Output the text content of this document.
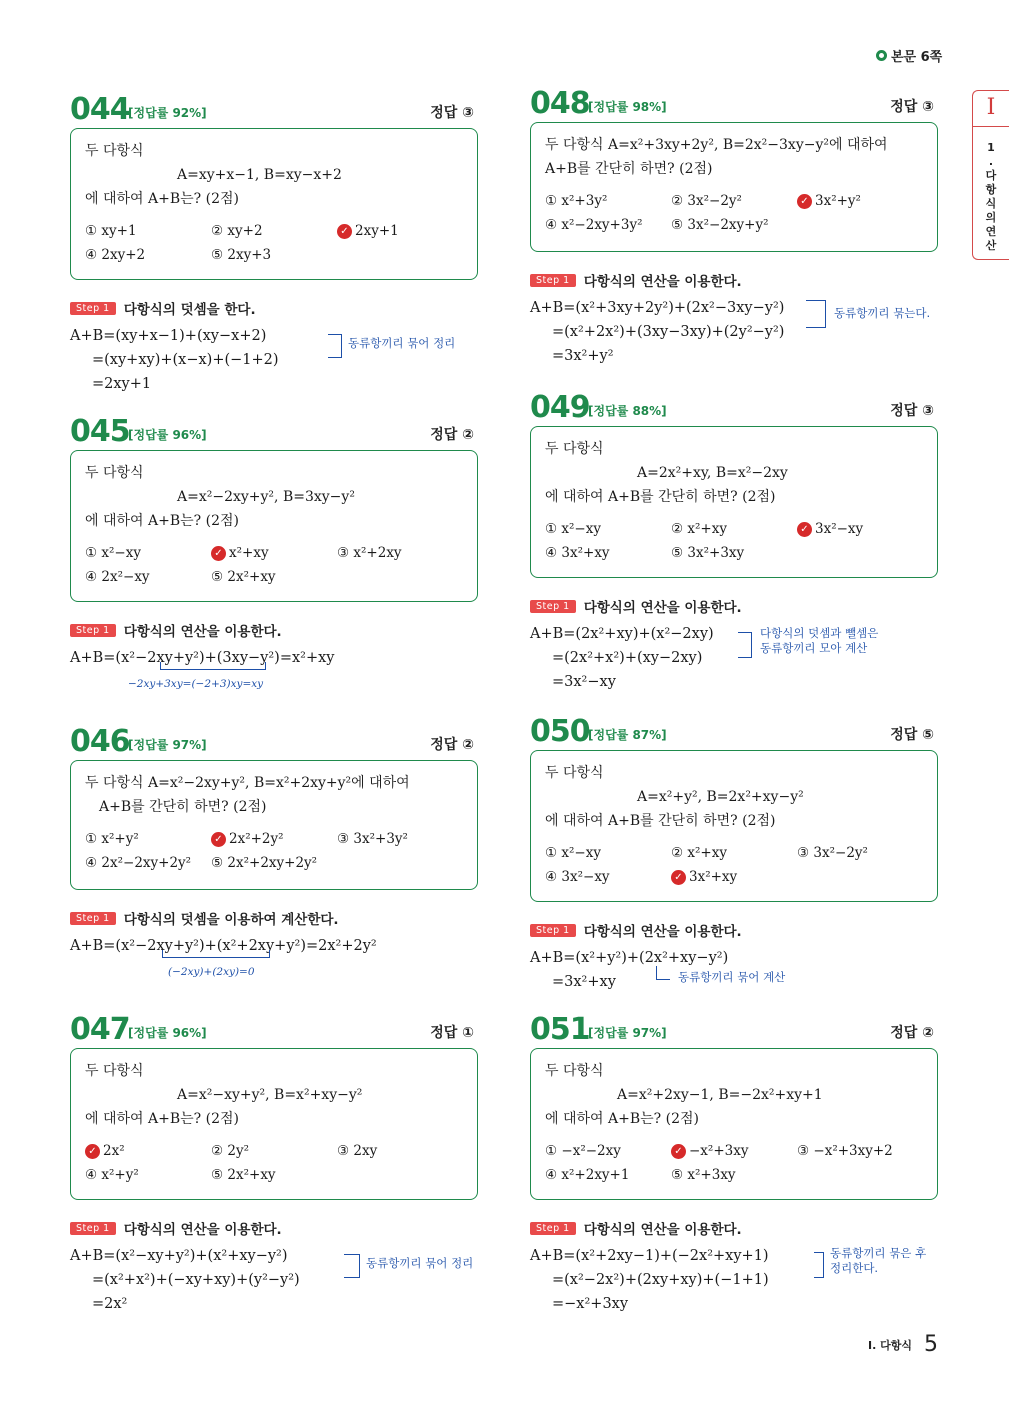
본문 6쪽
I
1
.
다
항
식
의
연
산
044
[정답률 92%]	정답 ③
두 다항식
A=xy+x−1, B=xy−x+2
에 대하여 A+B는? (2점)
① xy+1	② xy+2	✓ 2xy+1
④ 2xy+2	⑤ 2xy+3
Step 1	다항식의 덧셈을 한다.
A+B=(xy+x−1)+(xy−x+2)
=(xy+xy)+(x−x)+(−1+2)
=2xy+1
동류항끼리 묶어 정리
045
[정답률 96%]	정답 ②
두 다항식
A=x²−2xy+y², B=3xy−y²
에 대하여 A+B는? (2점)
① x²−xy	✓ x²+xy	③ x²+2xy
④ 2x²−xy	⑤ 2x²+xy
Step 1	다항식의 연산을 이용한다.
A+B=(x²−2xy+y²)+(3xy−y²)=x²+xy
−2xy+3xy=(−2+3)xy=xy
046
[정답률 97%]	정답 ②
두 다항식 A=x²−2xy+y², B=x²+2xy+y²에 대하여
A+B를 간단히 하면? (2점)
① x²+y²	✓ 2x²+2y²	③ 3x²+3y²
④ 2x²−2xy+2y²	⑤ 2x²+2xy+2y²
Step 1	다항식의 덧셈을 이용하여 계산한다.
A+B=(x²−2xy+y²)+(x²+2xy+y²)=2x²+2y²
(−2xy)+(2xy)=0
047
[정답률 96%]	정답 ①
두 다항식
A=x²−xy+y², B=x²+xy−y²
에 대하여 A+B는? (2점)
✓ 2x²	② 2y²	③ 2xy
④ x²+y²	⑤ 2x²+xy
Step 1	다항식의 연산을 이용한다.
A+B=(x²−xy+y²)+(x²+xy−y²)
=(x²+x²)+(−xy+xy)+(y²−y²)
=2x²
동류항끼리 묶어 정리
048
[정답률 98%]	정답 ③
두 다항식 A=x²+3xy+2y², B=2x²−3xy−y²에 대하여
A+B를 간단히 하면? (2점)
① x²+3y²	② 3x²−2y²	✓ 3x²+y²
④ x²−2xy+3y²	⑤ 3x²−2xy+y²
Step 1	다항식의 연산을 이용한다.
A+B=(x²+3xy+2y²)+(2x²−3xy−y²)
=(x²+2x²)+(3xy−3xy)+(2y²−y²)
=3x²+y²
동류항끼리 묶는다.
049
[정답률 88%]	정답 ③
두 다항식
A=2x²+xy, B=x²−2xy
에 대하여 A+B를 간단히 하면? (2점)
① x²−xy	② x²+xy	✓ 3x²−xy
④ 3x²+xy	⑤ 3x²+3xy
Step 1	다항식의 연산을 이용한다.
A+B=(2x²+xy)+(x²−2xy)
=(2x²+x²)+(xy−2xy)
=3x²−xy
다항식의 덧셈과 뺄셈은
동류항끼리 모아 계산
050
[정답률 87%]	정답 ⑤
두 다항식
A=x²+y², B=2x²+xy−y²
에 대하여 A+B를 간단히 하면? (2점)
① x²−xy	② x²+xy	③ 3x²−2y²
④ 3x²−xy	✓ 3x²+xy
Step 1	다항식의 연산을 이용한다.
A+B=(x²+y²)+(2x²+xy−y²)
=3x²+xy	동류항끼리 묶어 계산
051
[정답률 97%]	정답 ②
두 다항식
A=x²+2xy−1, B=−2x²+xy+1
에 대하여 A+B는? (2점)
① −x²−2xy	✓ −x²+3xy	③ −x²+3xy+2
④ x²+2xy+1	⑤ x²+3xy
Step 1	다항식의 연산을 이용한다.
A+B=(x²+2xy−1)+(−2x²+xy+1)
=(x²−2x²)+(2xy+xy)+(−1+1)
=−x²+3xy
동류항끼리 묶은 후
정리한다.
I. 다항식 5
